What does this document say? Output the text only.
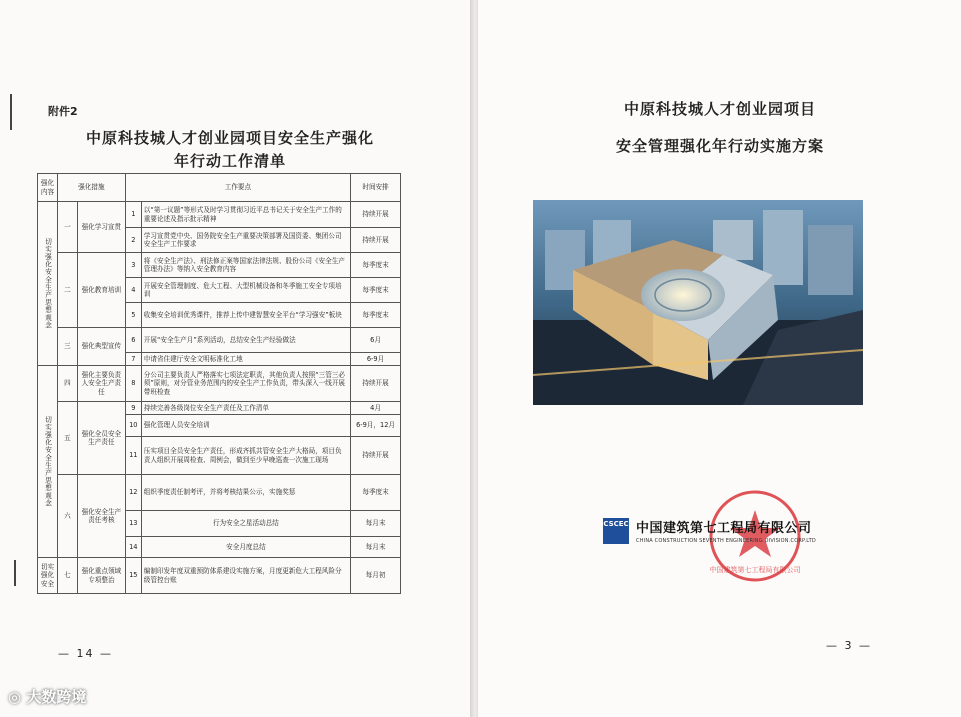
附件2
中原科技城人才创业园项目安全生产强化
年行动工作清单
强化内容	强化措施		工作要点		时间安排
切实强化安全生产思想观念	一	强化学习宣贯	1	以“第一议题”等形式及时学习贯彻习近平总书记关于安全生产工作的重要论述及指示批示精神	持续开展
			2	学习宣贯党中央、国务院安全生产重要决策部署及国资委、集团公司安全生产工作要求	持续开展
	二	强化教育培训	3	将《安全生产法》、刑法修正案等国家法律法规、股份公司《安全生产管理办法》等纳入安全教育内容	每季度末
			4	开展安全管理制度、危大工程、大型机械设备和冬季施工安全专项培训	每季度末
			5	收集安全培训优秀课件，推荐上传中建智慧安全平台“学习强安”板块	每季度末
	三	强化典型宣传	6	开展“安全生产月”系列活动，总结安全生产经验做法	6月
			7	申请省住建厅安全文明标准化工地	6-9月
切实强化安全生产思想观念	四	强化主要负责人安全生产责任	8	分公司主要负责人严格落实七项法定职责，其他负责人按照“三管三必须”原则，对分管业务范围内的安全生产工作负责，带头深入一线开展带班检查	持续开展
	五	强化全员安全生产责任	9	持续完善各级岗位安全生产责任及工作清单	4月
			10	强化管理人员安全培训	6-9月，12月
			11	压实项目全员安全生产责任，形成齐抓共管安全生产大格局，项目负责人组织开展周检查、周例会，做到至少早晚巡查一次施工现场	持续开展
	六	强化安全生产责任考核	12	组织季度责任制考评，并将考核结果公示，实施奖惩	每季度末
			13	行为安全之星活动总结	每月末
			14	安全月度总结	每月末
切实强化安全	七	强化重点领域专项整治	15	编制印发年度双重预防体系建设实施方案，月度更新危大工程风险分级管控台账	每月初
— 14 —
中原科技城人才创业园项目
安全管理强化年行动实施方案
中国建筑第七工程局有限公司
CSCEC 中国建筑第七工程局有限公司
CHINA CONSTRUCTION SEVENTH ENGINEERING DIVISION.CORP.LTD
— 3 —
◎ 大数跨境
